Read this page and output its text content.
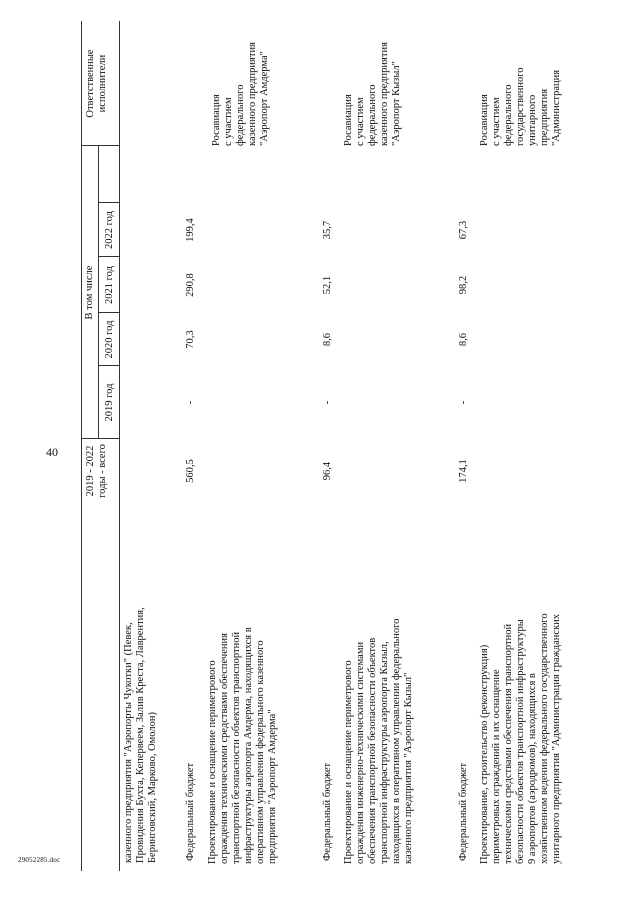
40
29052285.doc
2019 - 2022 годы - всего
В том числе
2019 год
2020 год
2021 год
2022 год
Ответственные исполнители
казенного предприятия "Аэропорты Чукотки" (Певек, Провидения Бухта, Кепервеем, Залив Креста, Лаврентия, Беринговский, Марково, Омолон)	Федеральный бюджет
560,5
-
70,3
290,8
199,4
Проектирование и оснащение периметрового ограждения техническими средствами обеспечения транспортной безопасности объектов транспортной инфраструктуры аэропорта Амдерма, находящихся в оперативном управлении федерального казенного предприятия "Аэропорт Амдерма"
Росавиация с участием федерального казенного предприятия "Аэропорт Амдерма"
Федеральный бюджет
96,4
-
8,6
52,1
35,7
Проектирование и оснащение периметрового ограждения инженерно-техническими системами обеспечения транспортной безопасности объектов транспортной инфраструктуры аэропорта Кызыл, находящихся в оперативном управлении федерального казенного предприятия "Аэропорт Кызыл"
Росавиация с участием федерального казенного предприятия "Аэропорт Кызыл"
Федеральный бюджет
174,1
-
8,6
98,2
67,3
Проектирование, строительство (реконструкция) периметровых ограждений и их оснащение техническими средствами обеспечения транспортной безопасности объектов транспортной инфраструктуры 9 аэропортов (аэродромов), находящихся в хозяйственном ведении федерального государственного унитарного предприятия "Администрация гражданских
Росавиация с участием федерального государственного унитарного предприятия "Администрация
